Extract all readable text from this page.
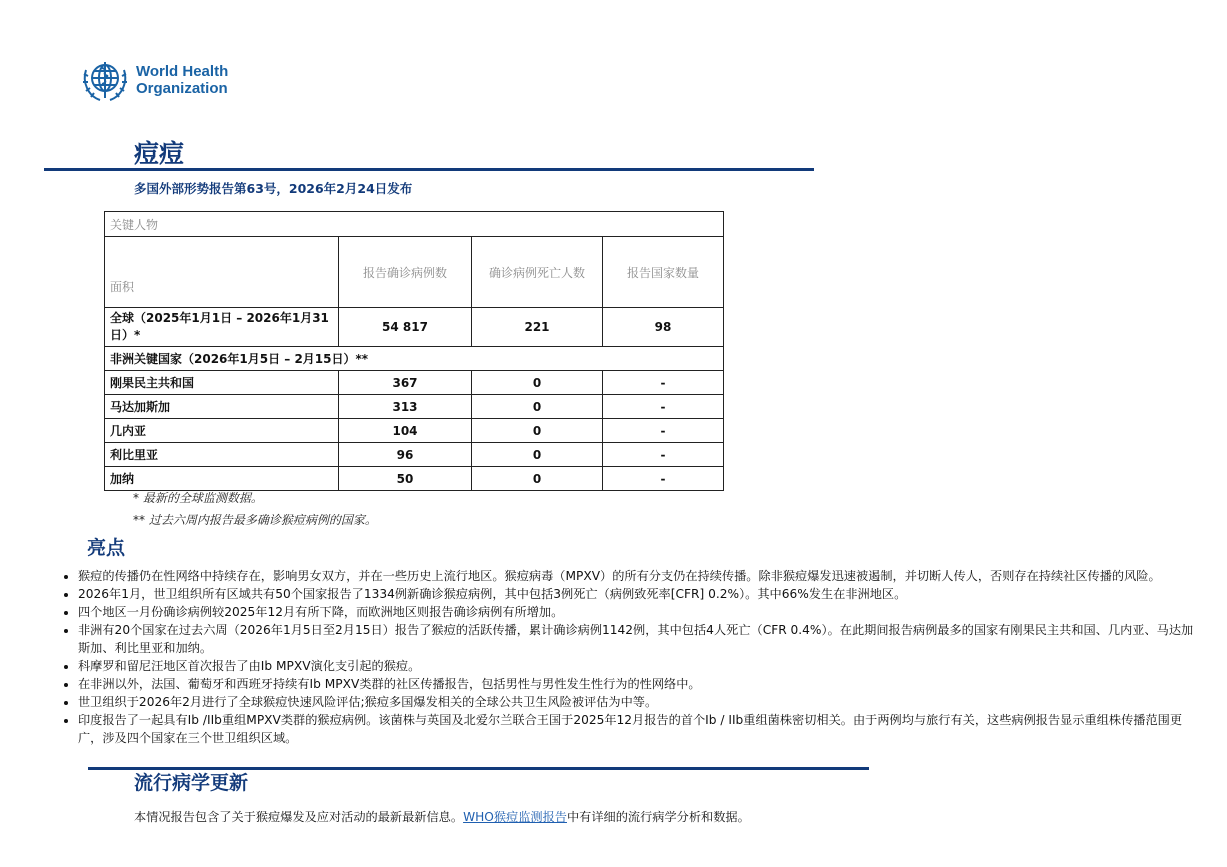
World Health
Organization
痘痘
多国外部形势报告第63号，2026年2月24日发布
关键人物			
面积	报告确诊病例数	确诊病例死亡人数	报告国家数量
全球（2025年1月1日 – 2026年1月31日）*	54 817	221	98
非洲关键国家（2026年1月5日 – 2月15日）**			
刚果民主共和国	367	0	-
马达加斯加	313	0	-
几内亚	104	0	-
利比里亚	96	0	-
加纳	50	0	-
* 最新的全球监测数据。
** 过去六周内报告最多确诊猴痘病例的国家。
亮点
• 猴痘的传播仍在性网络中持续存在，影响男女双方，并在一些历史上流行地区。猴痘病毒（MPXV）的所有分支仍在持续传播。除非猴痘爆发迅速被遏制，并切断人传人，否则存在持续社区传播的风险。
• 2026年1月，世卫组织所有区域共有50个国家报告了1334例新确诊猴痘病例，其中包括3例死亡（病例致死率[CFR] 0.2%）。其中66%发生在非洲地区。
• 四个地区一月份确诊病例较2025年12月有所下降，而欧洲地区则报告确诊病例有所增加。
• 非洲有20个国家在过去六周（2026年1月5日至2月15日）报告了猴痘的活跃传播，累计确诊病例1142例，其中包括4人死亡（CFR 0.4%）。在此期间报告病例最多的国家有刚果民主共和国、几内亚、马达加斯加、利比里亚和加纳。
• 科摩罗和留尼汪地区首次报告了由Ib MPXV演化支引起的猴痘。
• 在非洲以外，法国、葡萄牙和西班牙持续有Ib MPXV类群的社区传播报告，包括男性与男性发生性行为的性网络中。
• 世卫组织于2026年2月进行了全球猴痘快速风险评估;猴痘多国爆发相关的全球公共卫生风险被评估为中等。
• 印度报告了一起具有Ib /IIb重组MPXV类群的猴痘病例。该菌株与英国及北爱尔兰联合王国于2025年12月报告的首个Ib / IIb重组菌株密切相关。由于两例均与旅行有关，这些病例报告显示重组株传播范围更广，涉及四个国家在三个世卫组织区域。
流行病学更新
本情况报告包含了关于猴痘爆发及应对活动的最新最新信息。WHO猴痘监测报告中有详细的流行病学分析和数据。
